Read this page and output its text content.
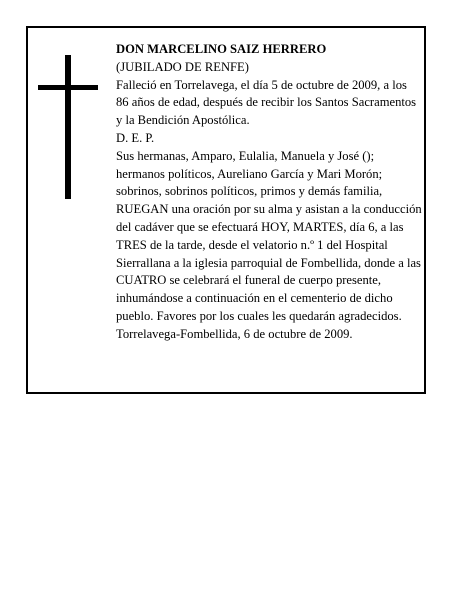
DON MARCELINO SAIZ HERRERO

(JUBILADO DE RENFE)

Falleció en Torrelavega, el día 5 de octubre de 2009, a los 86 años de edad, después de recibir los Santos Sacramentos y la Bendición Apostólica.

D. E. P.

Sus hermanas, Amparo, Eulalia, Manuela y José (); hermanos políticos, Aureliano García y Mari Morón; sobrinos, sobrinos políticos, primos y demás familia, RUEGAN una oración por su alma y asistan a la conducción del cadáver que se efectuará HOY, MARTES, día 6, a las TRES de la tarde, desde el velatorio n.º 1 del Hospital Sierrallana a la iglesia parroquial de Fombellida, donde a las CUATRO se celebrará el funeral de cuerpo presente, inhumándose a continuación en el cementerio de dicho pueblo. Favores por los cuales les quedarán agradecidos.

Torrelavega-Fombellida, 6 de octubre de 2009.
